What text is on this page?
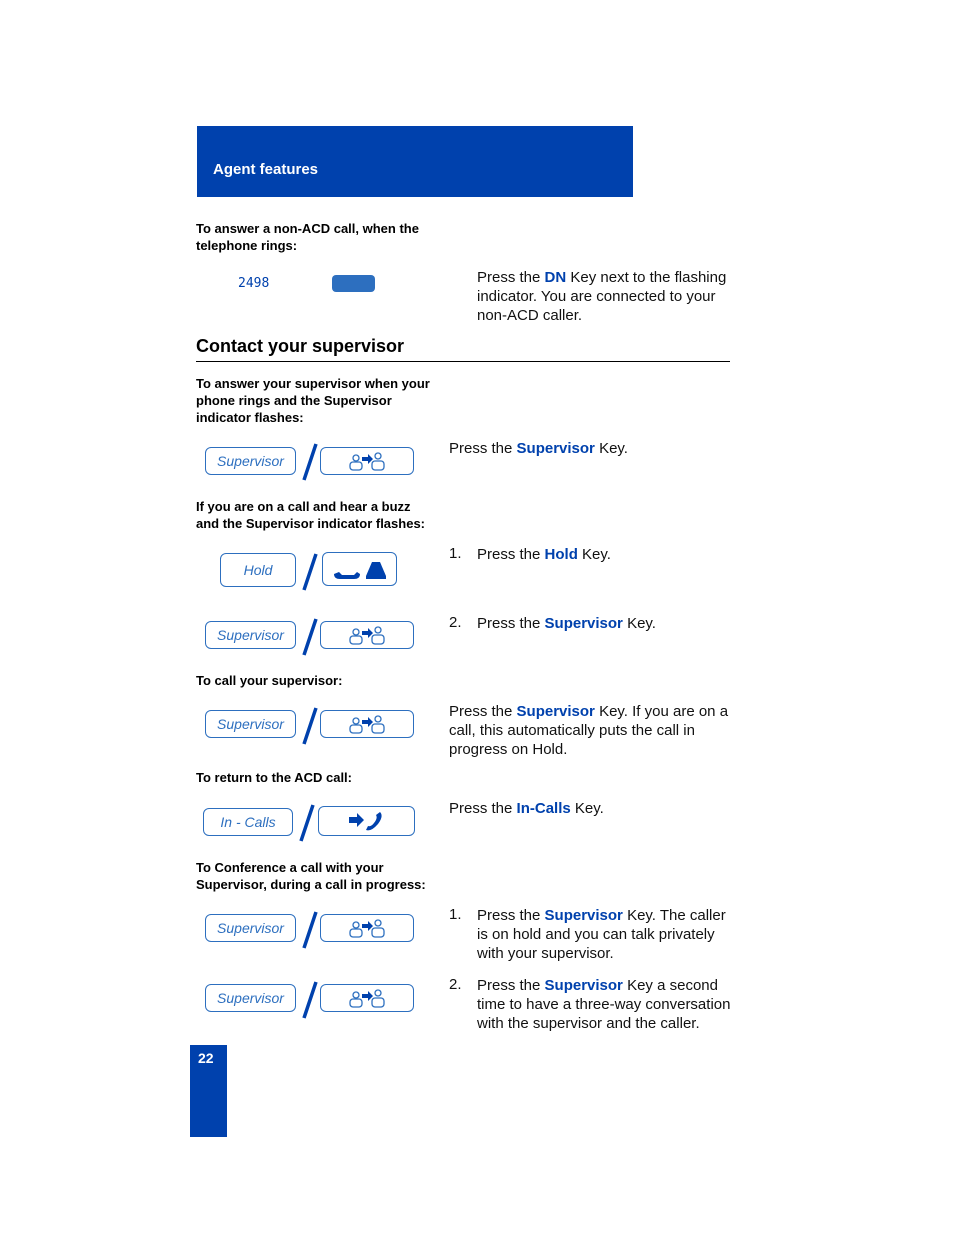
Agent features
To answer a non-ACD call, when the telephone rings:
2498	Press the DN Key next to the flashing indicator. You are connected to your non-ACD caller.
Contact your supervisor
To answer your supervisor when your phone rings and the Supervisor indicator flashes:
Supervisor
Press the Supervisor Key.
If you are on a call and hear a buzz and the Supervisor indicator flashes:
Hold
1. Press the Hold Key.
Supervisor
2. Press the Supervisor Key.
To call your supervisor:
Supervisor
Press the Supervisor Key. If you are on a call, this automatically puts the call in progress on Hold.
To return to the ACD call:
In - Calls
Press the In-Calls Key.
To Conference a call with your Supervisor, during a call in progress:
Supervisor
1. Press the Supervisor Key. The caller is on hold and you can talk privately with your supervisor.
Supervisor
2. Press the Supervisor Key a second time to have a three-way conversation with the supervisor and the caller.
22
